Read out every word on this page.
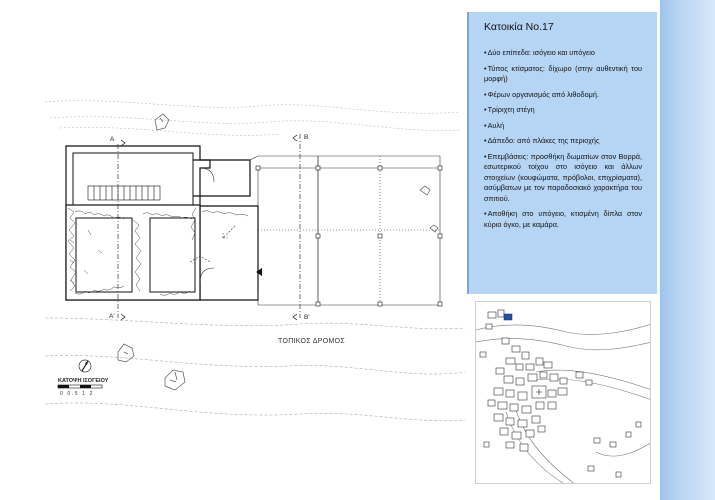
A
A'
B
B'
ΤΟΠΙΚΟΣ ΔΡΟΜΟΣ
ΚΑΤΟΨΗ ΙΣΟΓΕΙΟΥ
0 0.5 1 2
Κατοικία No.17
• Δύο επίπεδα: ισόγειο και υπόγειο
• Τύπος κτίσματος: δίχωρο (στην αυθεντική του μορφή)
• Φέρων οργανισμός από λιθοδομή.
• Τρίριχτη στέγη
• Αυλή
• Δάπεδο: από πλάκες της περιοχής
• Επεμβάσεις: προσθήκη δωματίων στον Βορρά, εσωτερικού τοίχου στο ισόγειο και άλλων στοιχείων (κουφώματα, πρόβολοι, επιχρίσματα), ασύμβατων με τον παραδοσιακό χαρακτήρα του σπιτιού.
• Αποθήκη στο υπόγειο, κτισμένη δίπλα στον κύριο όγκο, με καμάρα.
